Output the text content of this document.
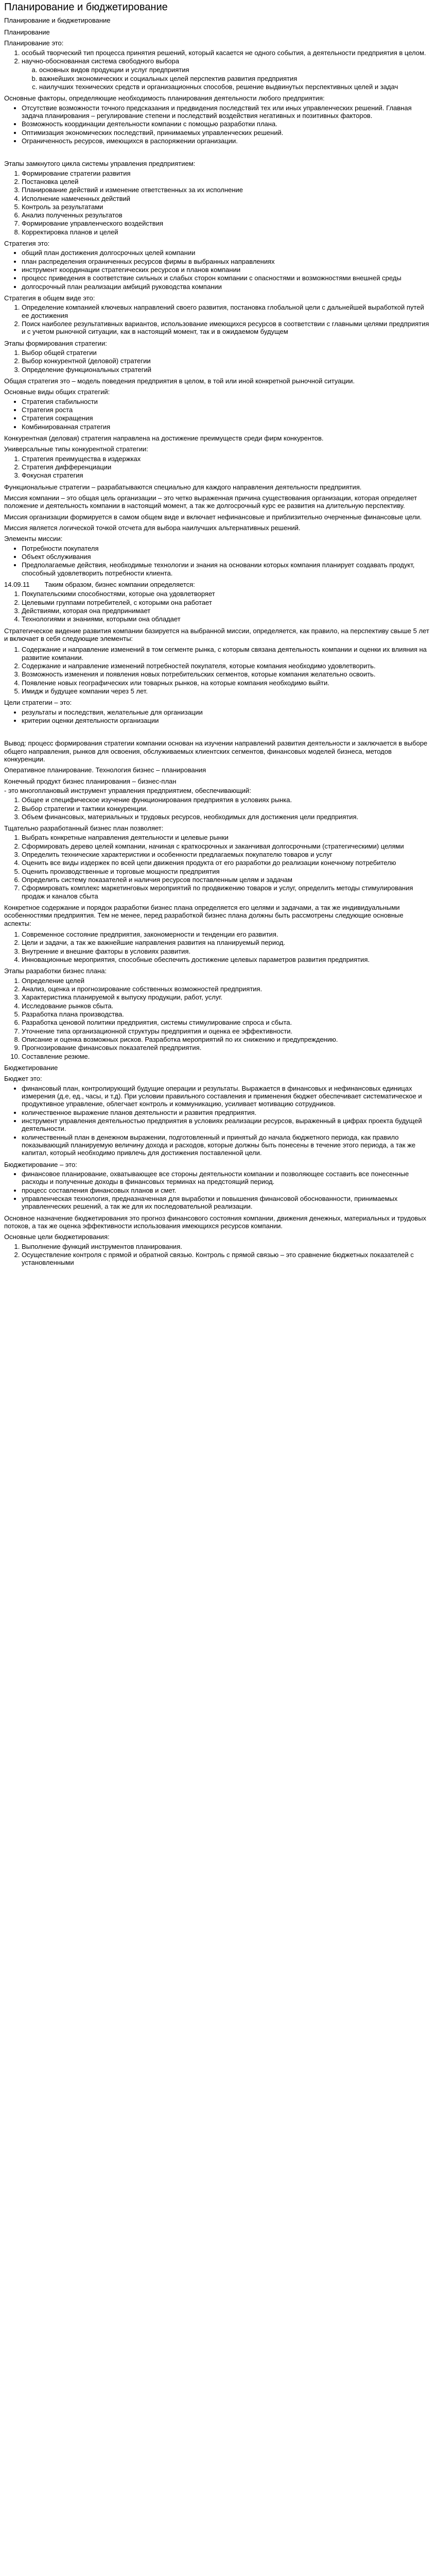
Планирование и бюджетирование

Планирование и бюджетирование

Планирование

Планирование это:

1. особый творческий тип процесса принятия решений, который касается не одного события, а деятельности предприятия в целом.
2. научно-обоснованная система свободного выбора
a. основных видов продукции и услуг предприятия
b. важнейших экономических и социальных целей перспектив развития предприятия
c. наилучших технических средств и организационных способов, решение выдвинутых перспективных целей и задач

Основные факторы, определяющие необходимость планирования деятельности любого предприятия:

• Отсутствие возможности точного предсказания и предвидения последствий тех или иных управленческих решений. Главная задача планирования – регулирование степени и последствий воздействия негативных и позитивных факторов.
• Возможность координации деятельности компании с помощью разработки плана.
• Оптимизация экономических последствий, принимаемых управленческих решений.
• Ограниченность ресурсов, имеющихся в распоряжении организации.

Этапы замкнутого цикла системы управления предприятием:

1. Формирование стратегии развития
2. Постановка целей
3. Планирование действий и изменение ответственных за их исполнение
4. Исполнение намеченных действий
5. Контроль за результатами
6. Анализ полученных результатов
7. Формирование управленческого воздействия
8. Корректировка планов и целей

Стратегия это:

• общий план достижения долгосрочных целей компании
• план распределения ограниченных ресурсов фирмы в выбранных направлениях
• инструмент координации стратегических ресурсов и планов компании
• процесс приведения в соответствие сильных и слабых сторон компании с опасностями и возможностями внешней среды
• долгосрочный план реализации амбиций руководства компании

Стратегия в общем виде это:

1. Определение компанией ключевых направлений своего развития, постановка глобальной цели с дальнейшей выработкой путей ее достижения
2. Поиск наиболее результативных вариантов, использование имеющихся ресурсов в соответствии с главными целями предприятия и с учетом рыночной ситуации, как в настоящий момент, так и в ожидаемом будущем

Этапы формирования стратегии:

1. Выбор общей стратегии
2. Выбор конкурентной (деловой) стратегии
3. Определение функциональных стратегий

Общая стратегия это – модель поведения предприятия в целом, в той или иной конкретной рыночной ситуации.

Основные виды общих стратегий:

• Стратегия стабильности
• Стратегия роста
• Стратегия сокращения
• Комбинированная стратегия

Конкурентная (деловая) стратегия направлена на достижение преимуществ среди фирм конкурентов.

Универсальные типы конкурентной стратегии:

1. Стратегия преимущества в издержках
2. Стратегия дифференциации
3. Фокусная стратегия

Функциональные стратегии – разрабатываются специально для каждого направления деятельности предприятия.

Миссия компании – это общая цель организации – это четко выраженная причина существования организации, которая определяет положение и деятельность компании в настоящий момент, а так же долгосрочный курс ее развития на длительную перспективу.

Миссия организации формируется в самом общем виде и включает нефинансовые и приблизительно очерченные финансовые цели.

Миссия является логической точкой отсчета для выбора наилучших альтернативных решений.

Элементы миссии:

• Потребности покупателя
• Объект обслуживания
• Предполагаемые действия, необходимые технологии и знания на основании которых компания планирует создавать продукт, способный удовлетворить потребности клиента.

14.09.11        Таким образом, бизнес компании определяется:

1. Покупательскими способностями, которые она удовлетворяет
2. Целевыми группами потребителей, с которыми она работает
3. Действиями, которая она предпринимает
4. Технологиями и знаниями, которыми она обладает

Стратегическое видение развития компании базируется на выбранной миссии, определяется, как правило, на перспективу свыше 5 лет и включает в себя следующие элементы:

1. Содержание и направление изменений в том сегменте рынка, с которым связана деятельность компании и оценки их влияния на развитие компании.
2. Содержание и направление изменений потребностей покупателя, которые компания необходимо удовлетворить.
3. Возможность изменения и появления новых потребительских сегментов, которые компания желательно освоить.
4. Появление новых географических или товарных рынков, на которые компания необходимо выйти.
5. Имидж и будущее компании через 5 лет.

Цели стратегии – это:

• результаты и последствия, желательные для организации
• критерии оценки деятельности организации

Вывод: процесс формирования стратегии компании основан на изучении направлений развития деятельности и заключается в выборе общего направления, рынков для освоения, обслуживаемых клиентских сегментов, финансовых моделей бизнеса, методов конкуренции.

Оперативное планирование. Технология бизнес – планирования

Конечный продукт бизнес планирования – бизнес-план

- это многоплановый инструмент управления предприятием, обеспечивающий:

1. Общее и специфическое изучение функционирования предприятия в условиях рынка.
2. Выбор стратегии и тактики конкуренции.
3. Объем финансовых, материальных и трудовых ресурсов, необходимых для достижения цели предприятия.

Тщательно разработанный бизнес план позволяет:

1. Выбрать конкретные направления деятельности и целевые рынки
2. Сформировать дерево целей компании, начиная с краткосрочных и заканчивая долгосрочными (стратегическими) целями
3. Определить технические характеристики и особенности предлагаемых покупателю товаров и услуг
4. Оценить все виды издержек по всей цепи движения продукта от его разработки до реализации конечному потребителю
5. Оценить производственные и торговые мощности предприятия
6. Определить систему показателей и наличия ресурсов поставленным целям и задачам
7. Сформировать комплекс маркетинговых мероприятий по продвижению товаров и услуг, определить методы стимулирования продаж и каналов сбыта

Конкретное содержание и порядок разработки бизнес плана определяется его целями и задачами, а так же индивидуальными особенностями предприятия. Тем не менее, перед разработкой бизнес плана должны быть рассмотрены следующие основные аспекты:

1. Современное состояние предприятия, закономерности и тенденции его развития.
2. Цели и задачи, а так же важнейшие направления развития на планируемый период.
3. Внутренние и внешние факторы в условиях развития.
4. Инновационные мероприятия, способные обеспечить достижение целевых параметров развития предприятия.

Этапы разработки бизнес плана:

1. Определение целей
2. Анализ, оценка и прогнозирование собственных возможностей предприятия.
3. Характеристика планируемой к выпуску продукции, работ, услуг.
4. Исследование рынков сбыта.
5. Разработка плана производства.
6. Разработка ценовой политики предприятия, системы стимулирование спроса и сбыта.
7. Уточнение типа организационной структуры предприятия и оценка ее эффективности.
8. Описание и оценка возможных рисков. Разработка мероприятий по их снижению и предупреждению.
9. Прогнозирование финансовых показателей предприятия.
10. Составление резюме.

Бюджетирование

Бюджет это:

• финансовый план, контролирующий будущие операции и результаты. Выражается в финансовых и нефинансовых единицах измерения (д.е, ед., часы, и т.д). При условии правильного составления и применения бюджет обеспечивает систематическое и продуктивное управление, облегчает контроль и коммуникацию, усиливает мотивацию сотрудников.
• количественное выражение планов деятельности и развития предприятия.
• инструмент управления деятельностью предприятия в условиях реализации ресурсов, выраженный в цифрах проекта будущей деятельности.
• количественный план в денежном выражении, подготовленный и принятый до начала бюджетного периода, как правило показывающий планируемую величину дохода и расходов, которые должны быть понесены в течение этого периода, а так же капитал, который необходимо привлечь для достижения поставленной цели.

Бюджетирование – это:

• финансовое планирование, охватывающее все стороны деятельности компании и позволяющее составить все понесенные расходы и полученные доходы в финансовых терминах на предстоящий период.
• процесс составления финансовых планов и смет.
• управленческая технология, предназначенная для выработки и повышения финансовой обоснованности, принимаемых управленческих решений, а так же для их последовательной реализации.

Основное назначение бюджетирования это прогноз финансового состояния компании, движения денежных, материальных и трудовых потоков, а так же оценка эффективности использования имеющихся ресурсов компании.

Основные цели бюджетирования:

1. Выполнение функций инструментов планирования.
2. Осуществление контроля с прямой и обратной связью. Контроль с прямой связью – это сравнение бюджетных показателей с установленными
